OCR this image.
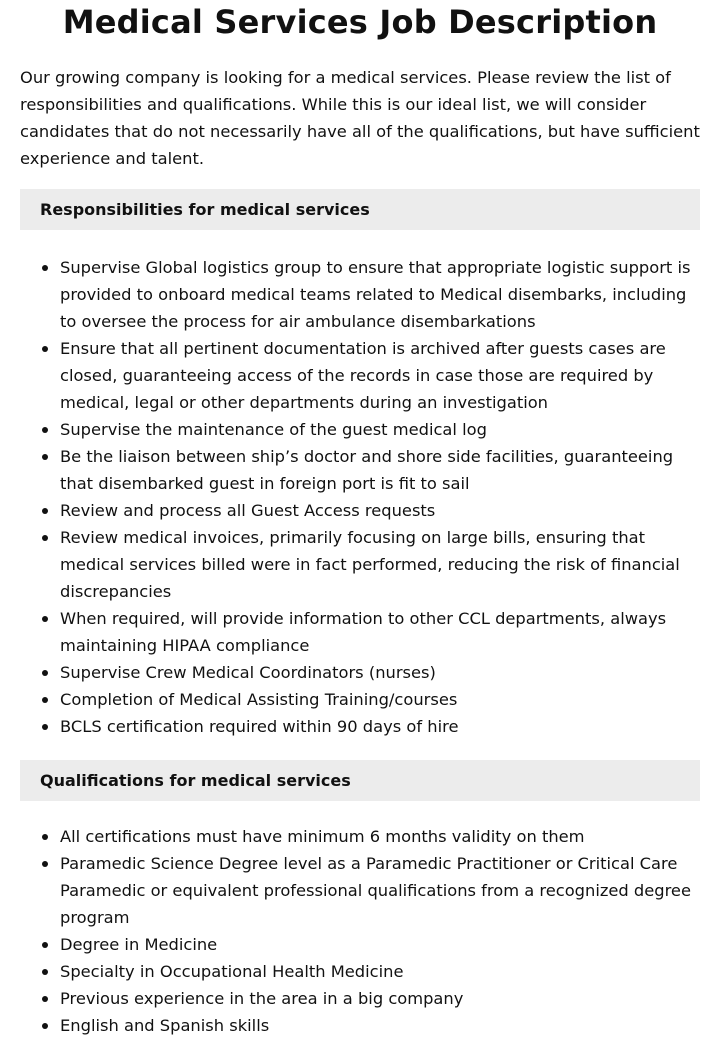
Medical Services Job Description

Our growing company is looking for a medical services. Please review the list of responsibilities and qualifications. While this is our ideal list, we will consider candidates that do not necessarily have all of the qualifications, but have sufficient experience and talent.

Responsibilities for medical services
Supervise Global logistics group to ensure that appropriate logistic support is provided to onboard medical teams related to Medical disembarks, including to oversee the process for air ambulance disembarkations
Ensure that all pertinent documentation is archived after guests cases are closed, guaranteeing access of the records in case those are required by medical, legal or other departments during an investigation
Supervise the maintenance of the guest medical log
Be the liaison between ship’s doctor and shore side facilities, guaranteeing that disembarked guest in foreign port is fit to sail
Review and process all Guest Access requests
Review medical invoices, primarily focusing on large bills, ensuring that medical services billed were in fact performed, reducing the risk of financial discrepancies
When required, will provide information to other CCL departments, always maintaining HIPAA compliance
Supervise Crew Medical Coordinators (nurses)
Completion of Medical Assisting Training/courses
BCLS certification required within 90 days of hire
Qualifications for medical services
All certifications must have minimum 6 months validity on them
Paramedic Science Degree level as a Paramedic Practitioner or Critical Care Paramedic or equivalent professional qualifications from a recognized degree program
Degree in Medicine
Specialty in Occupational Health Medicine
Previous experience in the area in a big company
English and Spanish skills
